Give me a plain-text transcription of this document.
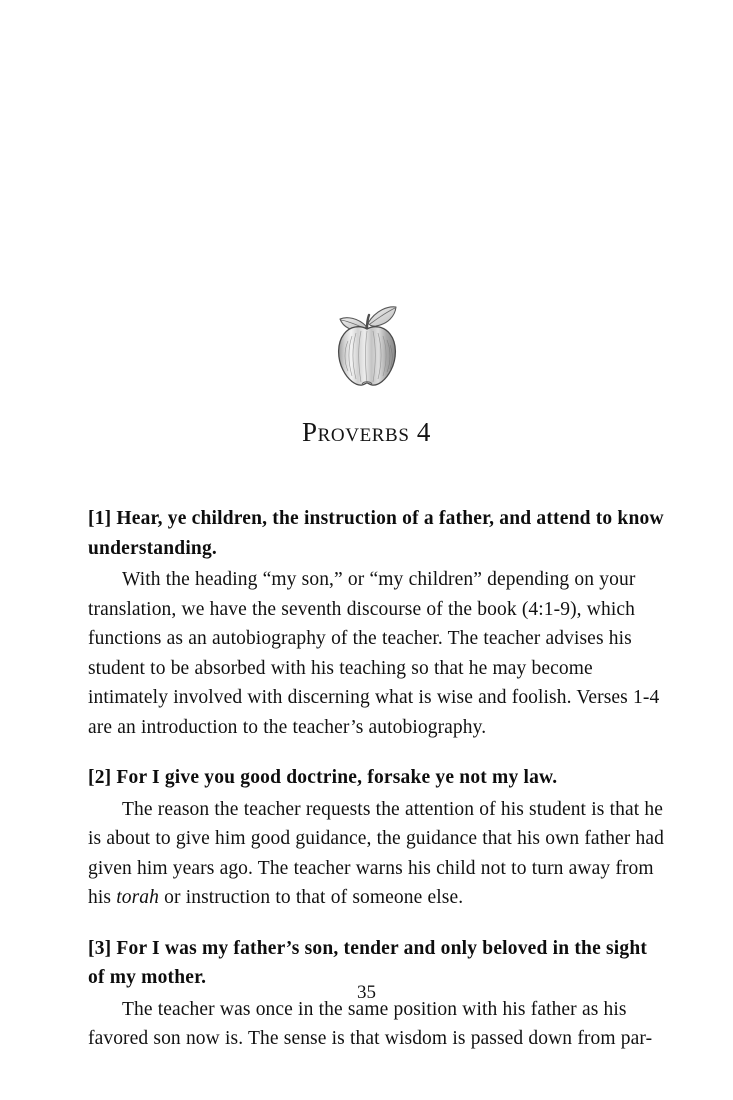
Proverbs 4

[1] Hear, ye children, the instruction of a father, and attend to know understanding.

With the heading “my son,” or “my children” depending on your translation, we have the seventh discourse of the book (4:1-9), which functions as an autobiography of the teacher. The teacher advises his student to be absorbed with his teaching so that he may become intimately involved with discerning what is wise and foolish. Verses 1-4 are an introduction to the teacher’s autobiography.

[2] For I give you good doctrine, forsake ye not my law.

The reason the teacher requests the attention of his student is that he is about to give him good guidance, the guidance that his own father had given him years ago. The teacher warns his child not to turn away from his torah or instruction to that of someone else.

[3] For I was my father’s son, tender and only beloved in the sight of my mother.

The teacher was once in the same position with his father as his favored son now is. The sense is that wisdom is passed down from par-

35
